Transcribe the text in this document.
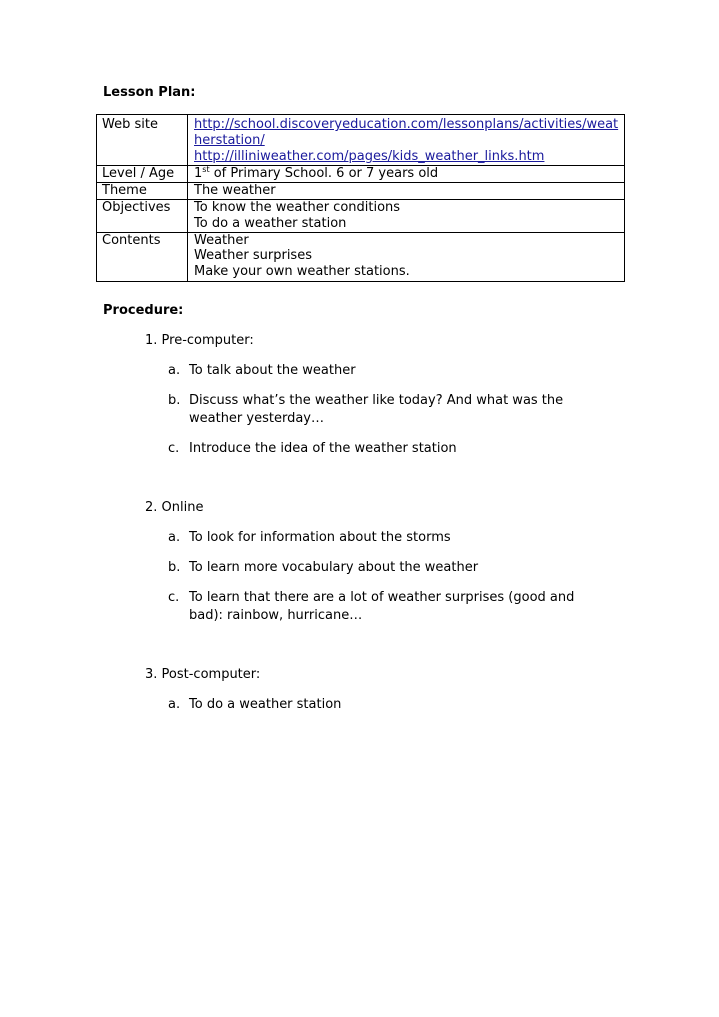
Lesson Plan:
Web site	http://school.discoveryeducation.com/lessonplans/activities/weatherstation/
http://illiniweather.com/pages/kids_weather_links.htm

Level / Age	1st of Primary School. 6 or 7 years old
Theme	The weather
Objectives	To know the weather conditions
To do a weather station

Contents	Weather
Weather surprises
Make your own weather stations.
Procedure:
1. Pre-computer:
a. To talk about the weather
b. Discuss what’s the weather like today? And what was the weather yesterday…
c. Introduce the idea of the weather station
2. Online
a. To look for information about the storms
b. To learn more vocabulary about the weather
c. To learn that there are a lot of weather surprises (good and bad): rainbow, hurricane…
3. Post-computer:
a. To do a weather station
